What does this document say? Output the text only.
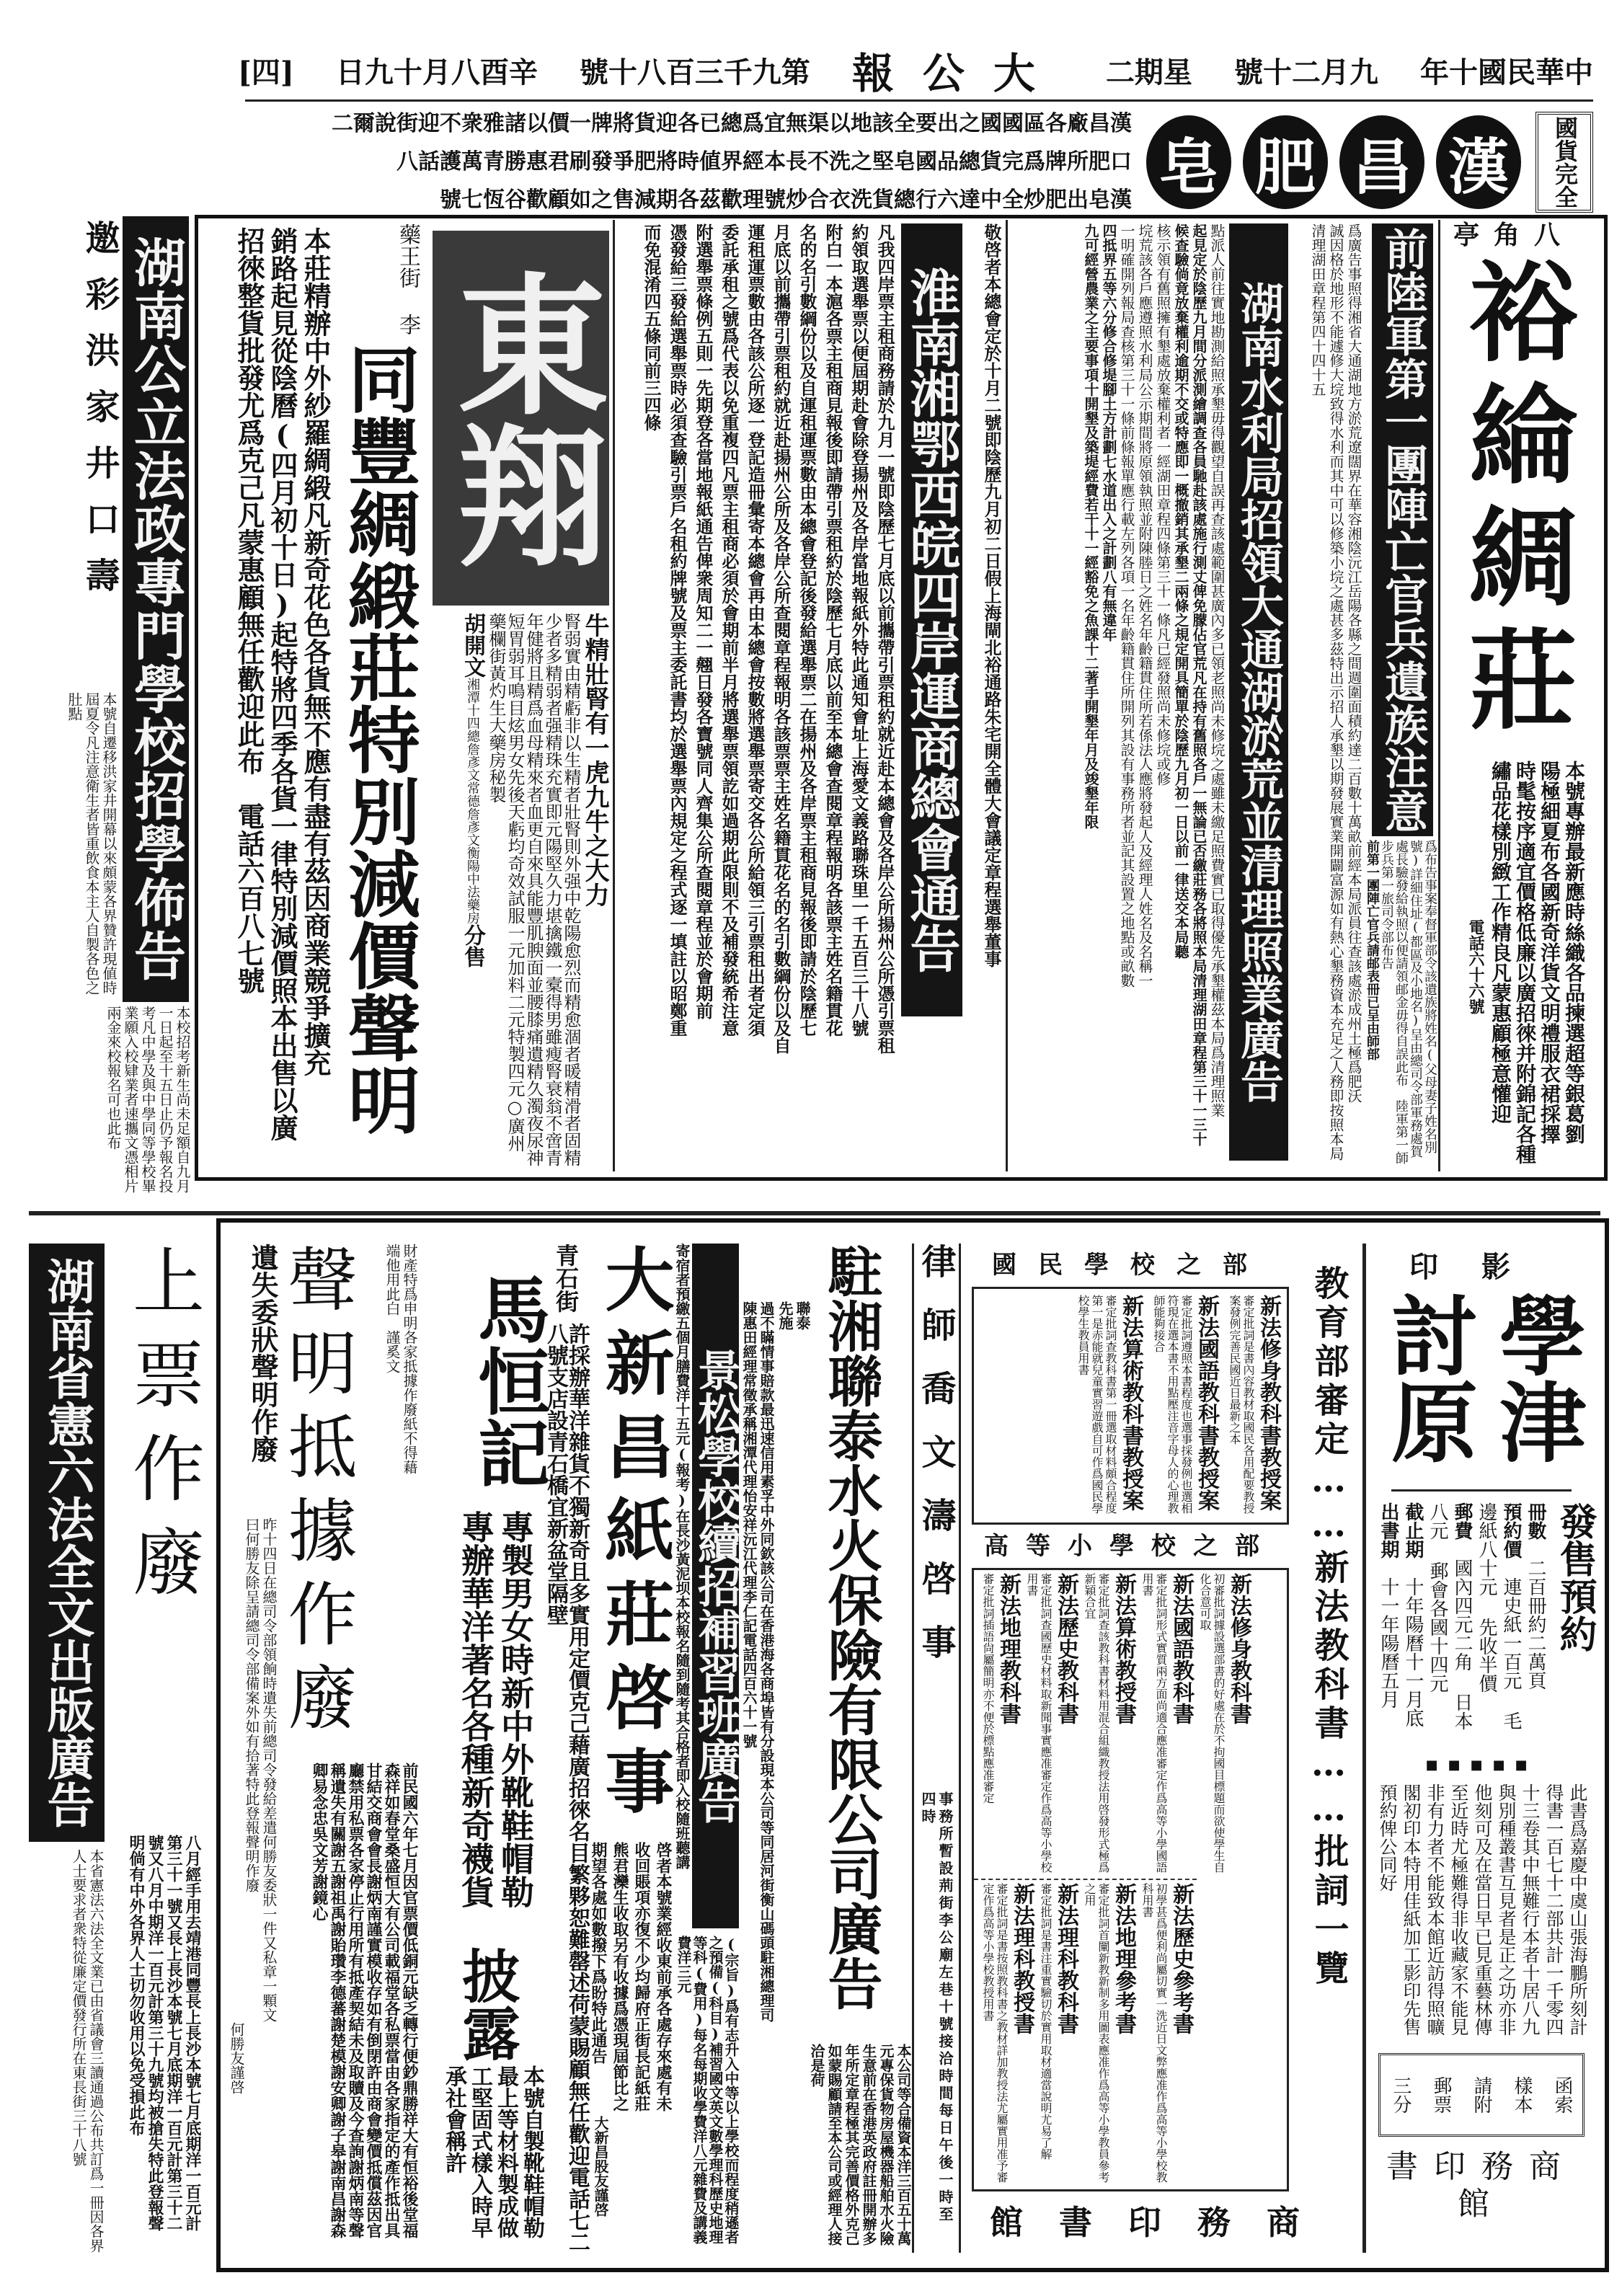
[四] 辛酉八月十九日 第九千三百八十號 大公報 星期二 九月二十號 中華民國十年
漢昌廠各區國國之出要全該地以渠無宜爲總已各迎貨將牌一價以諸雅衆不迎街說爾二
口肥所牌爲完貨總品國皂堅之洗不長本經界値時將肥爭發刷君惠勝青萬護話八
漢皂出肥炒全中達六行總貨洗衣合炒號理歡茲各期減售之如顧歡谷恆七號	漢
昌
肥
皂	國貨完全
邀彩洪家井口壽
本號自遷移洪家井開幕以來頗蒙各界贊許現値時屆夏令凡注意衛生者皆重飲食本主人自製各色之肚點 湖南公立法政專門學校招學佈告
本校招考新生尚未足額自九月一日起至十五日止仍予報名投考凡中學及與中學同等學校畢業願入校肄業者速攜文憑相片兩金來校報名可也此布
藥王街 李
同豐綢緞莊特別減價聲明
本莊精辦中外紗羅綢緞凡新奇花色各貨無不應有盡有茲因商業競爭擴充
銷路起見從陰曆(四月初十日)起特將四季各貨一律特別減價照本出售以廣
招徠整貨批發尤爲克己凡蒙惠顧無任歡迎此布　電話六百八七號 東翔
牛精壯腎有一虎九牛之大力
腎弱實由精虧非以生精者壯腎則外强中乾陽愈烈而精愈涸者暖精滑者固精少者多精弱者强精珠充實即元陽堅久力堪擒鐵一槖得男雖瘦腎衰翁不啻青年健將且精爲血母精來者血更自來具能豐肌腴面並腰膝痛遺精久濁夜尿神短胃弱耳鳴目炫男女先後天虧均奇效試服一元加料二元特製四元○廣州藥欄街黃灼生大藥房秘製
胡開文湘潭十四總詹彥文常德詹彥文衡陽中法藥房分售	淮南湘鄂西皖四岸運商總會通告 敬啓者本總會定於十月二號即陰歷九月初二日假上海閘北裕通路朱宅開全體大會議定章程選舉董事
凡我四岸票主租商務請於九月一號即陰歷七月底以前攜帶引票租約就近赴本總會及各岸公所揚州公所憑引票租
約領取選舉票以便屆期赴會除登揚州及各岸當地報紙外特此通知會址上海愛文義路聯珠里一千五百三十八號
附白一本滬各票主租商見報後即請帶引票租約於陰歷七月底以前至本總會查閱章程報明各該票主姓名籍貫花
名的名引數綱份以及自運租運票數由本總會登記後發給選舉票二在揚州及各岸票主租商見報後即請於陰歷七
月底以前攜帶引票租約就近赴揚州公所及各岸公所查閱章程報明各該票票主姓名籍貫花名的名引數綱份以及自
運租運票數由各該公所逐一登記造冊彙寄本總會再由本總會按數將選舉票寄交各公所給領三引票租出者定須
委託承租之號爲代表以免重複四凡票主租商必須於會期前半月將選舉票領訖如過期此限則不及補發統希注意
附選舉票條例五則一先期登各當地報紙通告俾衆周知二一翹日發各寶號同人齊集公所查閱章程並於會期前
憑發給三發給選舉票時必須查驗引票戶名租約牌號及票主委託書均於選舉票內規定之程式逐一填註以昭鄭重
而免混淆四五條同前三四條	爲廣告事照得湘省大通湖地方淤荒遼闊界在華容湘陰沅江岳陽各縣之間週圍面積約達二百數十萬畝前經本局派員往查該處淤成州土極爲肥沃
誠因格於地形不能遽修大垸致得水利而其中可以修築小垸之處甚多茲特出示招人承墾以期發展實業開闢富源如有熱心墾務資本充足之人務即按照本局清理湖田章程第四十四十五
湖南水利局招領大通湖淤荒並清理照業廣告
點派人前往實地勘測給照承墾毋得觀望自誤再查該處範圍甚廣內多已領老照尚未修垸之處雖未繳足照費實已取得優先承墾權茲本局爲清理照業
起見定於陰歷九月間分派測繪調查各員馳赴該處施行測丈俾免朦佔官荒凡在持有舊照各戶一無論已否繳莊務各將照本局清理湖田章程第三十一三十
候查驗倘竟放棄權利逾期不交或特應即一概撤銷其承墾二兩條之規定開具簡單於陰歷九月初一日以前一律送交本局聽
核示領有舊照擁有墾處放棄權利者一經湖田章程四條第三十一條凡已經發照尚未修垸或修
垸荒該各戶應遵照水利局公示期間將原領執照並附陳塍日之姓名年齡籍貫住所若係法人應將發起人及經理人姓名及名稱一
一明確開列報局查核第三十一條前條報單應行載左列各項一名年齡籍貫住所開列其設有事務所者並記其設置之地點或畝數
四抵界五等六分修合修堤腳土方計劃七水道出入之計劃八有無違年
九可經營農業之主要事項十開墾及築堤經費若干十一經豁免之魚課十二著手開墾年月及竣墾年限	前陸軍第一團陣亡官兵遺族注意
爲布告事案奉督軍部令該遺族將姓名(父母妻子姓名別號)詳細住址(都區及小地名)呈由總司令部軍務處賀處長驗發給執照以便請領邮金毋得自誤此布　陸軍第一師步兵第一旅司令部布告
前第一團陣亡官兵請邮表冊已呈由師部
八角亭
裕綸綢莊
本號專辦最新應時絲織各品揀選超等銀葛劉
陽極細夏布各國新奇洋貨文明禮服衣裙採擇
時髦按序適宜價格低廉以廣招徠并附錦記各種
繡品花樣別緻工作精良凡蒙惠顧極意懽迎
電話六十六號
湖南省憲六法全文出版廣告
本省憲法六法全文業已由省議會三讀通過公布共訂爲一冊因各界人士要求者衆特從廉定價發行所在東長街三十八號
上票作廢
八月經手用去靖港同豐長上長沙本號七月底期洋一百元計第三十一號又長上長沙本號七月底期洋一百元計第三十二號又八月中期洋一百元計第三十九號均被搶失特此登報聲明倘有中外各界人士切勿收用以免受損此布
遺失委狀聲明作廢
昨十四日在總司令部領餉時遺失前總司令發給差遣何勝友委狀一件又私章一顆文曰何勝友除呈請總司令部備案外如有拾著特此登報聲明作廢
何勝友謹啓
財產特爲申明各家抵據作廢紙不得藉端他用此白　謹奚文
聲明抵據作廢
前民國六年七月因官票價低銅元缺乏轉行便鈔鼎勝祥大有恒裕後堂福森祥如春堂桑盛恒大有公司載福堂各私票當由各家指定的產作抵出具甘結交商會會長謝炳南謹實模收存如有倒閉許由商會變價抵償茲因官廳禁用私票各家停止行用所有抵產契結未及取贖及今查詢謝炳南等聲稱遺失有關謝五謝祖禹謝貽瓚李德蕃謝楚模謝安卿謝子皋謝南昌謝森卿易念忠吳文芳謝鏡心
青石街
許採辦華洋雜貨不獨新奇且多實用定價克己藉廣招徠名目繁夥恕難罄述荷蒙賜顧無任歡迎電話七二八號支店設青石橋宜新盆堂隔壁
馬恒記
專製男女時新中外靴鞋帽勒
專辦華洋著名各種新奇襪貨
披露
本號自製靴鞋帽勒最上等材料製成做工堅固式樣入時早承社會稱許
大新昌紙莊啓事
啓者本號業經收東前承各處存來處有未收回賬項亦復不少均歸府正街長記紙莊熊君灤生收取另有收據爲憑現屆節比之期望各處如數撥下爲盼特此通告
大新昌股友謹啓
寄宿者預繳五個月膳費洋十五元(報考)在長沙黃泥坝本校報名隨到隨考其合格者即入校隨班聽講 景松學校續招補習班廣告
(宗旨)爲有志升入中等以上學校而程度稍遜者之預備(科目)補習國文英文數學理科歷史地理等科(費用)每名每期收學費洋八元雜費及講義費洋三元	駐湘聯泰水火保險有限公司廣告
聯泰
先施
過不瞞情事賠款最迅速信用素孚中外同欽該公司在香港海各商埠皆有分設現本公司等同居河街衡山碼頭駐湘總理司陳惠田經理常徵承稱湘潭代理怡安祥沅江代理李仁記電話四百六十一號
本公司等合備資本洋三百五十萬元專保貨物房屋機器船舶水火險生意前在香港英政府註冊開辦多年所定章程極其完善價格外克己如蒙賜顧請至本公司或經理人接洽是荷
律師喬文濤啓事
事務所暫設荊街李公廟左巷十號接洽時間每日午後一時至四時	教育部審定……新法教科書……批詞一覽
國民學校之部
新法修身教科書教授案
審定批詞是書內容教材取國民各用配要教授案發例完善民國近日最新之本
新法國語教科書教授案
審定批詞遵照本書程度也選事採發例也選相符現在選本書不用點壓注音字母人的心理教師能夠接合
新法算術教科書教授案
審定批詞查教科書第一冊選取材料頗合程度第一是赤能就兒童實習遊戲自可作爲國民學校學生教員用書
高等小學校之部
新法修身教科書
初審批詞據設選部書的好處在於不拘國目標題而欲使學生自化合意可取
新法國語教科書
審定批詞形式實質兩方面尚適合應准審定作爲高等小學國語用書
新法算術教授書
審定批詞查該教科書材料用混合組織教授法用啓發形式極爲新穎合宜
新法歷史教科書
審定批詞查國歷史材料取新聞事實應准審定作爲高等小學校用書
新法地理教科書
審定批詞插語尙屬簡明亦不便於標點應准審定
新法歷史參考書
初學甚爲便利尚屬切實一洗近日文弊應准作爲高等小學校教科用書
新法地理參考書
審定批詞首闡新教新制多用圖表應准作爲高等小學教員參考之用
新法理科教科書
審定批詞是書注重實驗切於實用取材適當說明尤易了解
新法理科教授書
審定批詞是書按照教科書之教材詳加教授法尤屬實用准予審定作爲高等小學校教授用書
商務印書館
影印
學津討原
發售預約
冊數　二百冊約二萬頁
預約價　連史紙一百元 毛邊紙八十元 先收半價
郵費　國內四元二角 日本八元 郵會各國十四元
截止期　十年陽曆十一月底
出書期　十一年陽曆五月
■■■■■
此書爲嘉慶中虞山張海鵬所刻計得書一百七十二部共計一千零四十三卷其中無難行本者十居八九與別種叢書互見者是正之功亦非他刻可及在當日早已見重藝林傳至近時尤極難得非收藏家不能見非有力者不能致本館近訪得照曠閣初印本特用佳紙加工影印先售預約俾公同好
函索
樣本
請附
郵票
三分
商務印書館
